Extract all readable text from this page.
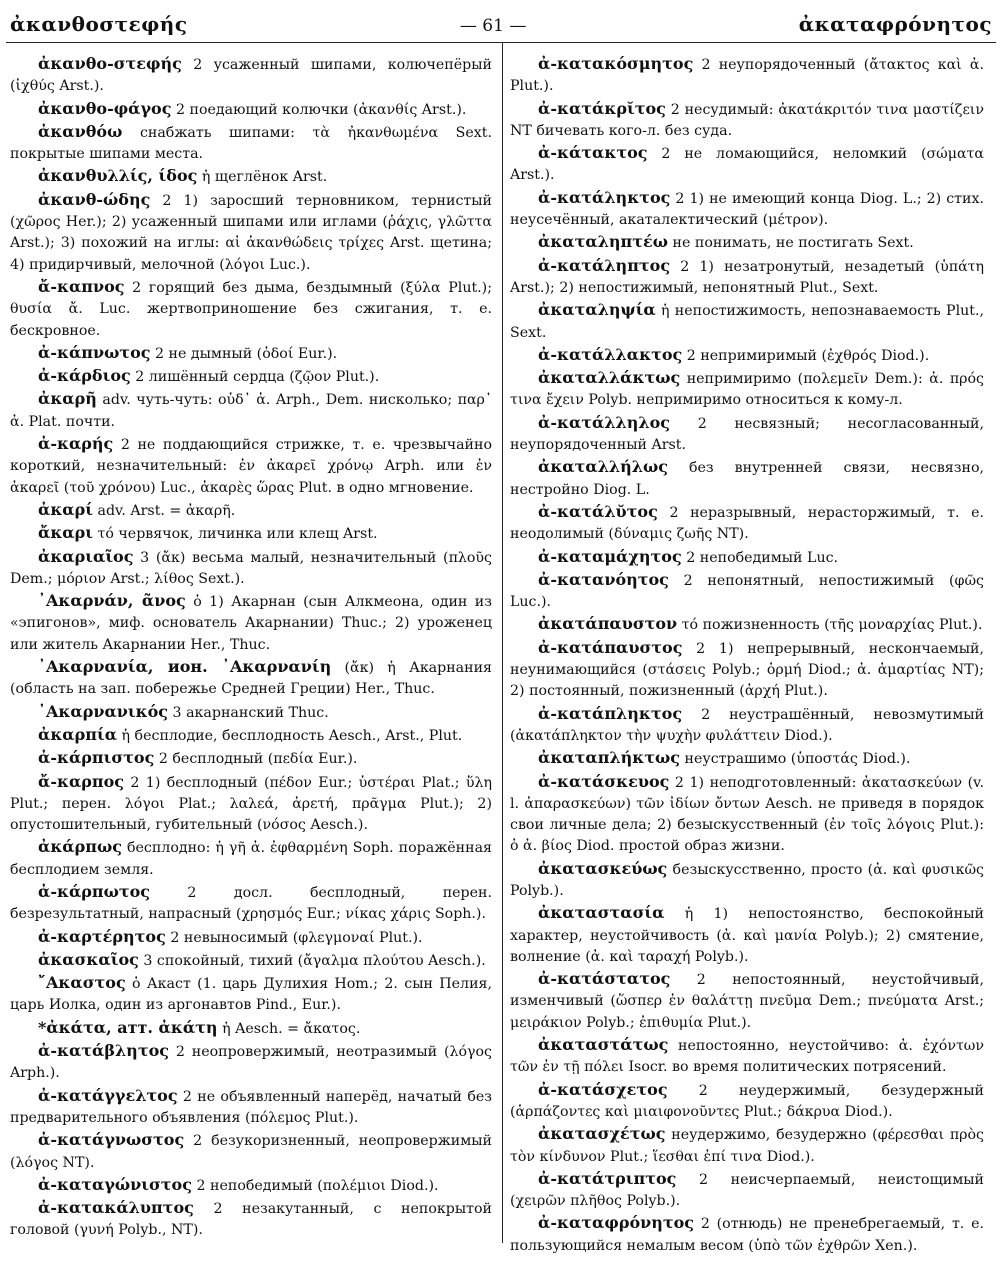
ἀκανθοστεφής	— 61 —	ἀκαταφρόνητος

ἀκανθο-στεφής 2 усаженный шипами, колючепёрый (ἰχθύς Arst.).

ἀκανθο-φάγος 2 поедающий колючки (ἀκανθίς Arst.).

ἀκανθόω снабжать шипами: τὰ ἠκανθωμένα Sext. покрытые шипами места.

ἀκανθυλλίς, ίδος ἡ щеглёнок Arst.

ἀκανθ-ώδης 2 1) заросший терновником, тернистый (χῶρος Her.); 2) усаженный шипами или иглами (ῥάχις, γλῶττα Arst.); 3) похожий на иглы: αἱ ἀκανθώδεις τρίχες Arst. щетина; 4) придирчивый, мелочной (λόγοι Luc.).

ἄ-καπνος 2 горящий без дыма, бездымный (ξύλα Plut.); θυσία ἄ. Luc. жертвоприношение без сжигания, т. е. бескровное.

ἀ-κάπνωτος 2 не дымный (ὁδοί Eur.).

ἀ-κάρδιος 2 лишённый сердца (ζῷον Plut.).

ἀκαρῆ adv. чуть-чуть: οὐδ᾽ ἀ. Arph., Dem. нисколько; παρ᾽ ἀ. Plat. почти.

ἀ-καρής 2 не поддающийся стрижке, т. е. чрезвычайно короткий, незначительный: ἐν ἀκαρεῖ χρόνῳ Arph. или ἐν ἀκαρεῖ (τοῦ χρόνου) Luc., ἀκαρὲς ὥρας Plut. в одно мгновение.

ἀκαρί adv. Arst. = ἀκαρῆ.

ἄκαρι τό червячок, личинка или клещ Arst.

ἀκαριαῖος 3 (ἄκ) весьма малый, незначительный (πλοῦς Dem.; μόριον Arst.; λίθος Sext.).

᾿Ακαρνάν, ᾶνος ὁ 1) Акарнан (сын Алкмеона, один из «эпигонов», миф. основатель Акарнании) Thuc.; 2) уроженец или житель Акарнании Her., Thuc.

᾿Ακαρνανία, ион. ᾿Ακαρνανίη (ἄκ) ἡ Акарнания (область на зап. побережье Средней Греции) Her., Thuc.

᾿Ακαρνανικός 3 акарнанский Thuc.

ἀκαρπία ἡ бесплодие, бесплодность Aesch., Arst., Plut.

ἀ-κάρπιστος 2 бесплодный (πεδία Eur.).

ἄ-καρπος 2 1) бесплодный (πέδον Eur.; ὑστέραι Plat.; ὕλη Plut.; перен. λόγοι Plat.; λαλεά, ἀρετή, πρᾶγμα Plut.); 2) опустошительный, губительный (νόσος Aesch.).

ἀκάρπως бесплодно: ἡ γῆ ἀ. ἐφθαρμένη Soph. поражённая бесплодием земля.

ἀ-κάρπωτος	2 досл. бесплодный, перен. безрезультатный, напрасный (χρησμός Eur.; νίκας χάρις Soph.).

ἀ-καρτέρητος 2 невыносимый (φλεγμοναί Plut.).

ἀκασκαῖος 3 спокойный, тихий (ἄγαλμα πλούτου Aesch.).

῎Ακαστος ὁ Акаст (1. царь Дулихия Hom.; 2. сын Пелия, царь Иолка, один из аргонавтов Pind., Eur.).

*ἀκάτα, атт. ἀκάτη ἡ Aesch. = ἄκατος.

ἀ-κατάβλητος 2 неопровержимый, неотразимый (λόγος Arph.).

ἀ-κατάγγελτος 2 не объявленный наперёд, начатый без предварительного объявления (πόλεμος Plut.).

ἀ-κατάγνωστος 2 безукоризненный, неопровержимый (λόγος NT).

ἀ-καταγώνιστος 2 непобедимый (πολέμιοι Diod.).

ἀ-κατακάλυπτος 2 незакутанный, с непокрытой головой (γυνή Polyb., NT).

ἀ-κατακόσμητος 2 неупорядоченный (ἄτακτος καὶ ἀ. Plut.).

ἀ-κατάκρῐτος 2 несудимый: ἀκατάκριτόν τινα μαστίζειν NT бичевать кого-л. без суда.

ἀ-κάτακτος 2 не ломающийся, неломкий (σώματα Arst.).

ἀ-κατάληκτος 2 1) не имеющий конца Diog. L.; 2) стих. неусечённый, акаталектический (μέτρον).

ἀκαταληπτέω не понимать, не постигать Sext.

ἀ-κατάληπτος 2 1) незатронутый, незадетый (ὑπάτη Arst.); 2) непостижимый, непонятный Plut., Sext.

ἀκαταληψία ἡ непостижимость, непознаваемость Plut., Sext.

ἀ-κατάλλακτος 2 непримиримый (ἐχθρός Diod.).

ἀκαταλλάκτως непримиримо (πολεμεῖν Dem.): ἀ. πρός τινα ἔχειν Polyb. непримиримо относиться к кому-л.

ἀ-κατάλληλος 2 несвязный; несогласованный, неупорядоченный Arst.

ἀκαταλλήλως без внутренней связи, несвязно, нестройно Diog. L.

ἀ-κατάλῠτος 2 неразрывный, нерасторжимый, т. е. неодолимый (δύναμις ζωῆς NT).

ἀ-καταμάχητος 2 непобедимый Luc.

ἀ-κατανόητος 2 непонятный, непостижимый (φῶς Luc.).

ἀκατάπαυστον τό пожизненность (τῆς μοναρχίας Plut.).

ἀ-κατάπαυστος 2 1) непрерывный, нескончаемый, неунимающийся (στάσεις Polyb.; ὁρμή Diod.; ἀ. ἁμαρτίας NT); 2) постоянный, пожизненный (ἀρχή Plut.).

ἀ-κατάπληκτος 2 неустрашённый, невозмутимый (ἀκατάπληκτον τὴν ψυχὴν φυλάττειν Diod.).

ἀκαταπλήκτως неустрашимо (ὑποστάς Diod.).

ἀ-κατάσκευος 2 1) неподготовленный: ἀκατασκεύων (v. l. ἀπαρασκεύων) τῶν ἰδίων ὄντων Aesch. не приведя в порядок свои личные дела; 2) безыскусственный (ἐν τοῖς λόγοις Plut.): ὁ ἀ. βίος Diod. простой образ жизни.

ἀκατασκεύως безыскусственно, просто (ἀ. καὶ φυσικῶς Polyb.).

ἀκαταστασία ἡ 1) непостоянство, беспокойный характер, неустойчивость (ἀ. καὶ μανία Polyb.); 2) смятение, волнение (ἀ. καὶ ταραχή Polyb.).

ἀ-κατάστατος 2 непостоянный, неустойчивый, изменчивый (ὥσπερ ἐν θαλάττῃ πνεῦμα Dem.; πνεύματα Arst.; μειράκιον Polyb.; ἐπιθυμία Plut.).

ἀκαταστάτως непостоянно, неустойчиво: ἀ. ἐχόντων τῶν ἐν τῇ πόλει Isocr. во время политических потрясений.

ἀ-κατάσχετος 2 неудержимый, безудержный (ἁρπάζοντες καὶ μιαιφονοῦντες Plut.; δάκρυα Diod.).

ἀκατασχέτως неудержимо, безудержно (φέρεσθαι πρὸς τὸν κίνδυνον Plut.; ἵεσθαι ἐπί τινα Diod.).

ἀ-κατάτριπτος 2 неисчерпаемый, неистощимый (χειρῶν πλῆθος Polyb.).

ἀ-καταφρόνητος 2 (отнюдь) не пренебрегаемый, т. е. пользующийся немалым весом (ὑπὸ τῶν ἐχθρῶν Xen.).
